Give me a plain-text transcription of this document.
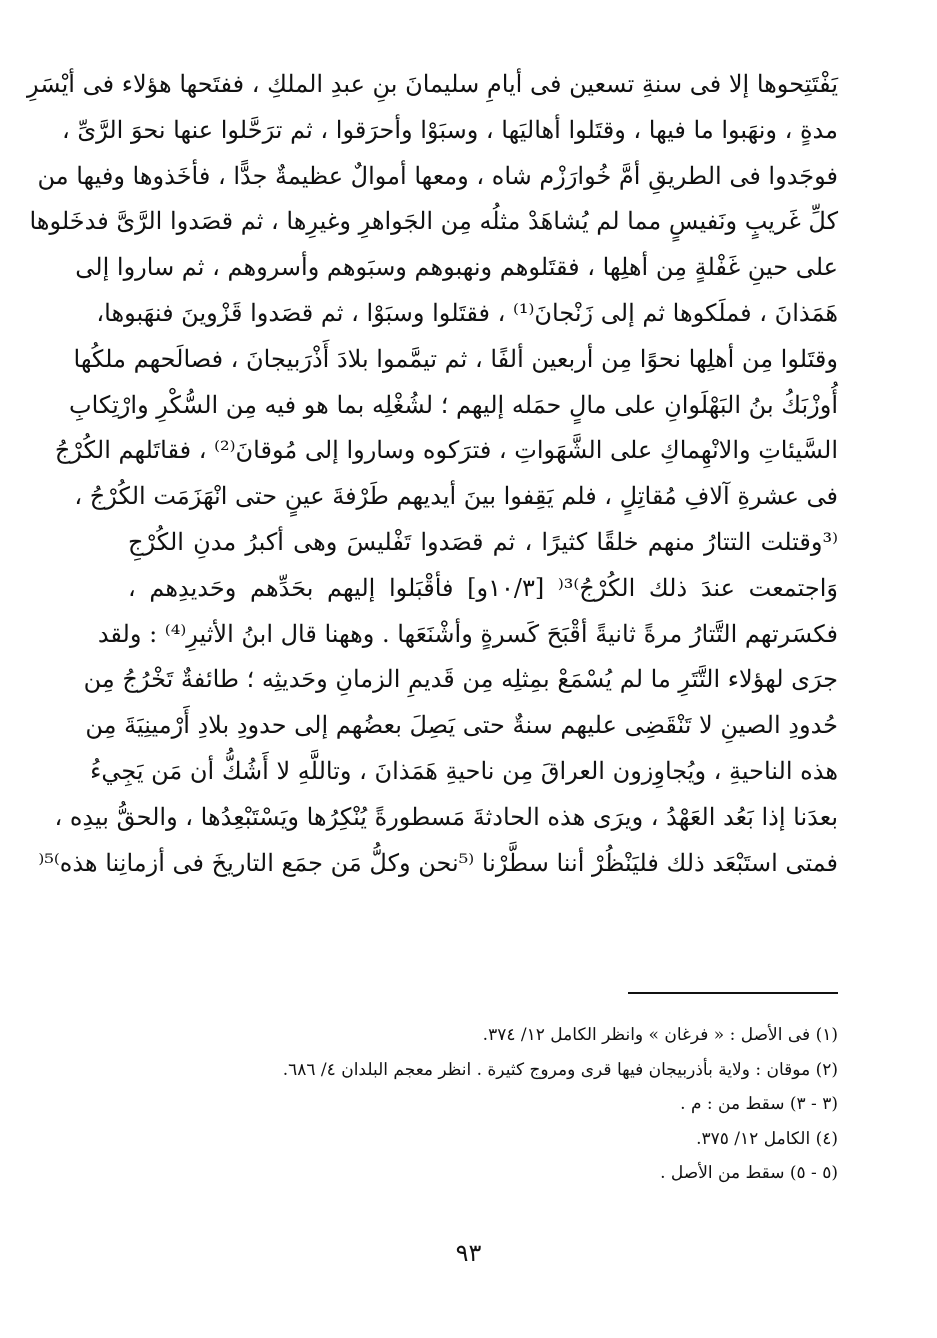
يَفْتَتِحوها إلا فى سنةِ تسعين فى أيامِ سليمانَ بنِ عبدِ الملكِ ، ففتَحها هؤلاء فى أيْسَرِ
مدةٍ ، ونهَبوا ما فيها ، وقتَلوا أهاليَها ، وسبَوْا وأحرَقوا ، ثم ترَحَّلوا عنها نحوَ الرَّىِّ ،
فوجَدوا فى الطريقِ أمَّ خُوارَزْم شاه ، ومعها أموالٌ عظيمةٌ جدًّا ، فأخَذوها وفيها من
كلِّ غَريبٍ ونَفيسٍ مما لم يُشاهَدْ مثلُه مِن الجَواهرِ وغيرِها ، ثم قصَدوا الرَّىَّ فدخَلوها
على حينِ غَفْلةٍ مِن أهلِها ، فقتَلوهم ونهبوهم وسبَوهم وأسروهم ، ثم ساروا إلى
هَمَذانَ ، فملَكوها ثم إلى زَنْجانَ⁽¹⁾ ، فقتَلوا وسبَوْا ، ثم قصَدوا قَزْوينَ فنهَبوها،
وقتَلوا مِن أهلِها نحوًا مِن أربعين ألفًا ، ثم تيمَّموا بلادَ أَذْرَبيجانَ ، فصالَحهم ملكُها
أُوزْبَكُ بنُ البَهْلَوانِ على مالٍ حمَله إليهم ؛ لشُغْلِه بما هو فيه مِن السُّكْرِ وارْتِكابِ
السَّيئاتِ والانْهِماكِ على الشَّهَواتِ ، فترَكوه وساروا إلى مُوقانَ⁽²⁾ ، فقاتَلهم الكُرْجُ
فى عشرةِ آلافِ مُقاتِلٍ ، فلم يَقِفوا بينَ أيديهم طَرْفةَ عينٍ حتى انْهَزَمَت الكُرْجُ ،
⁽³وقتلت التتارُ منهم خلقًا كثيرًا ، ثم قصَدوا تَفْليسَ وهى أكبرُ مدنِ الكُرْجِ
وَاجتمعت عندَ ذلك الكُرْجُ⁾³⁽ [١٠/٣و] فأقْبَلوا إليهم بحَدِّهم وحَديدِهم ،
فكسَرتهم التَّتارُ مرةً ثانيةً أقْبَحَ كَسرةٍ وأشْنَعَها . وههنا قال ابنُ الأثيرِ⁽⁴⁾ : ولقد
جرَى لهؤلاء التَّتَرِ ما لم يُسْمَعْ بمِثلِه مِن قَديمِ الزمانِ وحَديثِه ؛ طائفةٌ تَخْرُجُ مِن
حُدودِ الصينِ لا تَنْقَضِى عليهم سنةٌ حتى يَصِلَ بعضُهم إلى حدودِ بلادِ أَرْمينِيَةَ مِن
هذه الناحيةِ ، ويُجاوِزون العراقَ مِن ناحيةِ هَمَذانَ ، وتاللَّهِ لا أَشُكُّ أن مَن يَجِيءُ
بعدَنا إذا بَعُد العَهْدُ ، ويرَى هذه الحادثةَ مَسطورةً يُنْكِرُها ويَسْتَبْعِدُها ، والحقُّ بيدِه ،
فمتى استَبْعَد ذلك فليَنْظُرْ أننا سطَّرْنا ⁽⁵نحن وكلُّ مَن جمَع التاريخَ فى أزمانِنا هذه⁾⁵⁽
(١) فى الأصل : « فرغان » وانظر الكامل ١٢/ ٣٧٤.
(٢) موقان : ولاية بأذربيجان فيها قرى ومروج كثيرة . انظر معجم البلدان ٤/ ٦٨٦.
(٣ - ٣) سقط من : م .
(٤) الكامل ١٢/ ٣٧٥.
(٥ - ٥) سقط من الأصل .
٩٣
